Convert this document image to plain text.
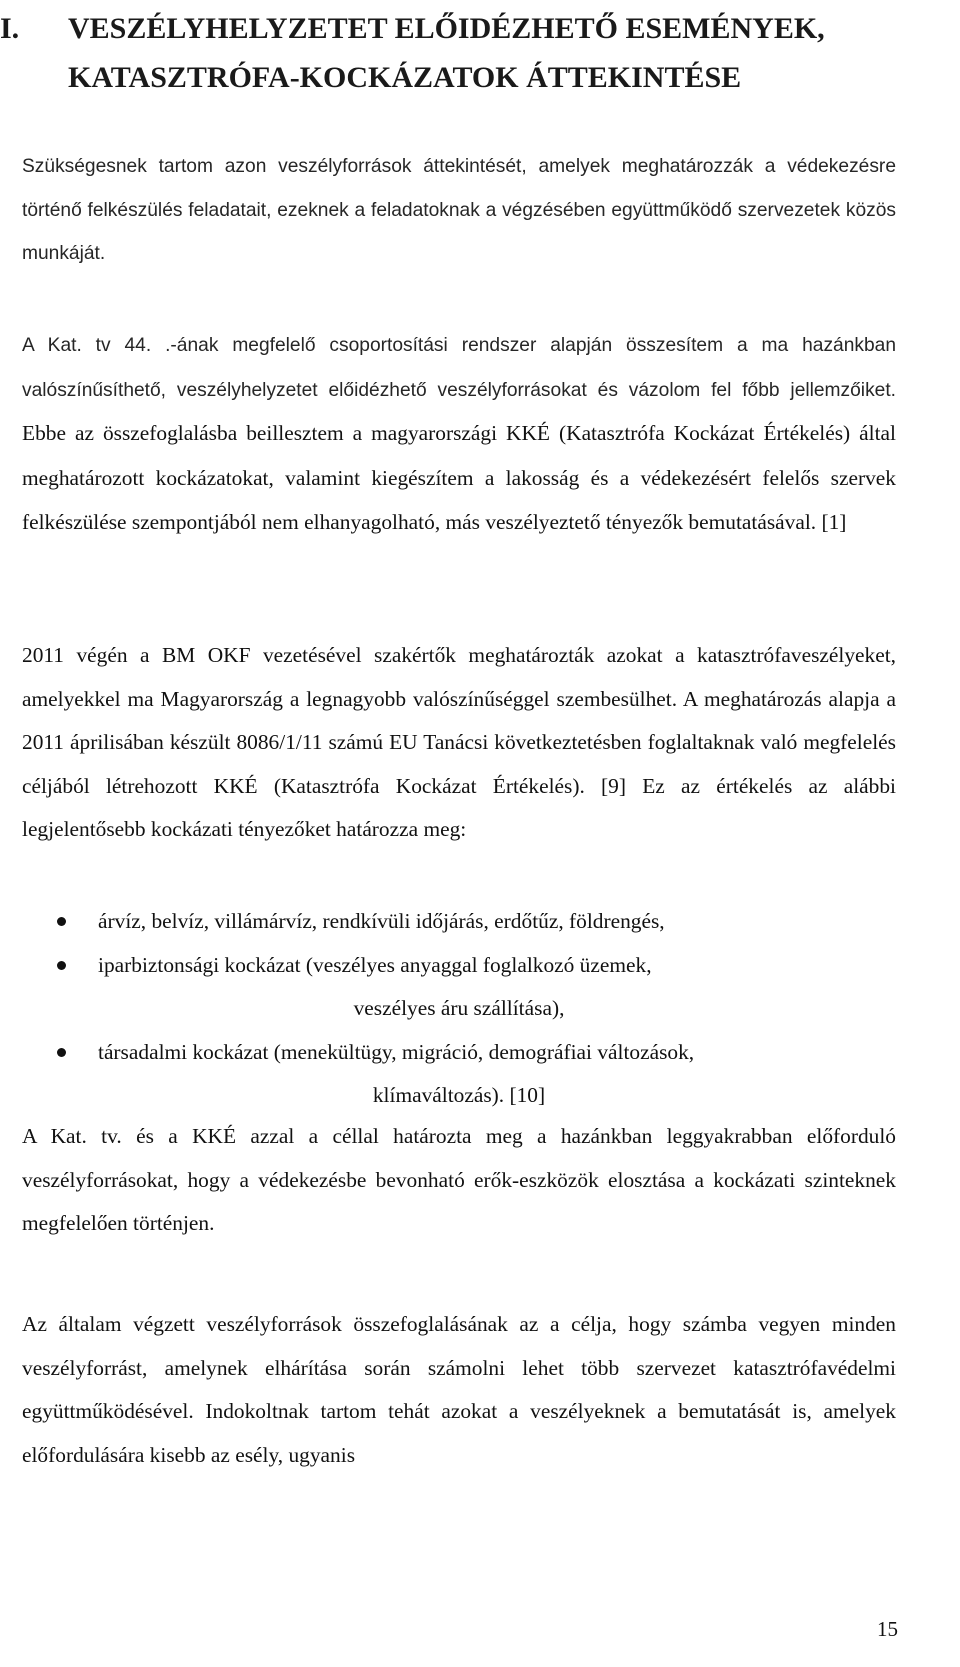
I. VESZÉLYHELYZETET ELŐIDÉZHETŐ ESEMÉNYEK,
KATASZTRÓFA-KOCKÁZATOK ÁTTEKINTÉSE

Szükségesnek tartom azon veszélyforrások áttekintését, amelyek meghatározzák a védekezésre történő felkészülés feladatait, ezeknek a feladatoknak a végzésében együttműködő szervezetek közös munkáját.

A Kat. tv 44. .-ának megfelelő csoportosítási rendszer alapján összesítem a ma hazánkban valószínűsíthető, veszélyhelyzetet előidézhető veszélyforrásokat és vázolom fel főbb jellemzőiket. Ebbe az összefoglalásba beillesztem a magyarországi KKÉ (Katasztrófa Kockázat Értékelés) által meghatározott kockázatokat, valamint kiegészítem a lakosság és a védekezésért felelős szervek felkészülése szempontjából nem elhanyagolható, más veszélyeztető tényezők bemutatásával. [1]

2011 végén a BM OKF vezetésével szakértők meghatározták azokat a katasztrófaveszélyeket, amelyekkel ma Magyarország a legnagyobb valószínűséggel szembesülhet. A meghatározás alapja a 2011 áprilisában készült 8086/1/11 számú EU Tanácsi következtetésben foglaltaknak való megfelelés céljából létrehozott KKÉ (Katasztrófa Kockázat Értékelés). [9] Ez az értékelés az alábbi legjelentősebb kockázati tényezőket határozza meg:

árvíz, belvíz, villámárvíz, rendkívüli időjárás, erdőtűz, földrengés,
iparbiztonsági kockázat (veszélyes anyaggal foglalkozó üzemek,
veszélyes áru szállítása),
társadalmi kockázat (menekültügy, migráció, demográfiai változások,
klímaváltozás). [10]

A Kat. tv. és a KKÉ azzal a céllal határozta meg a hazánkban leggyakrabban előforduló veszélyforrásokat, hogy a védekezésbe bevonható erők-eszközök elosztása a kockázati szinteknek megfelelően történjen.

Az általam végzett veszélyforrások összefoglalásának az a célja, hogy számba vegyen minden veszélyforrást, amelynek elhárítása során számolni lehet több szervezet katasztrófavédelmi együttműködésével. Indokoltnak tartom tehát azokat a veszélyeknek a bemutatását is, amelyek előfordulására kisebb az esély, ugyanis

15
